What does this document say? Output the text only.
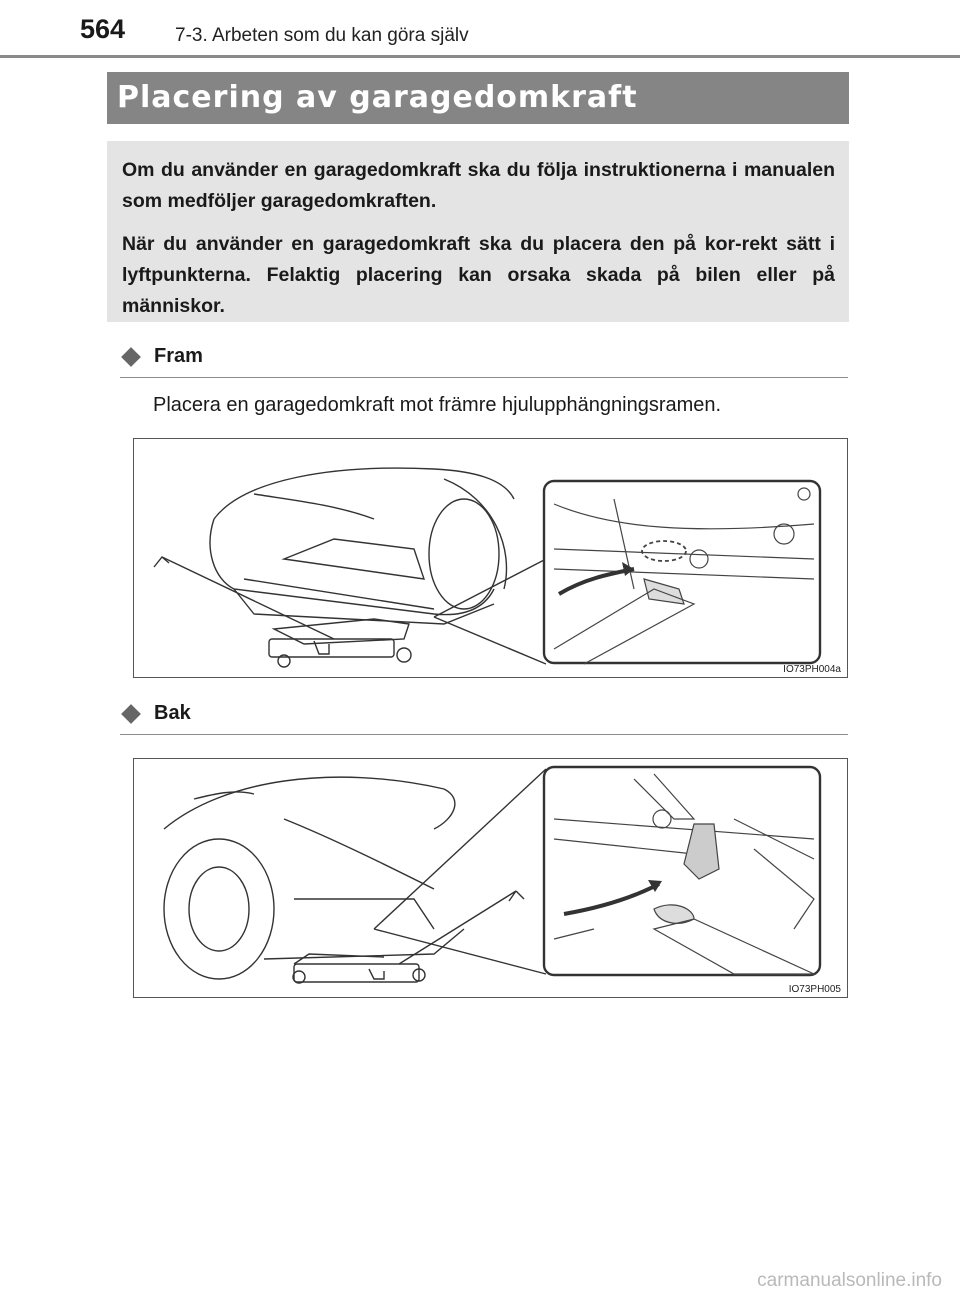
564	7-3. Arbeten som du kan göra själv
Placering av garagedomkraft

Om du använder en garagedomkraft ska du följa instruktionerna i manualen som medföljer garagedomkraften.

När du använder en garagedomkraft ska du placera den på kor-rekt sätt i lyftpunkterna. Felaktig placering kan orsaka skada på bilen eller på människor.

Fram
Placera en garagedomkraft mot främre hjulupphängningsramen.
IO73PH004a
Bak
IO73PH005
carmanualsonline.info
